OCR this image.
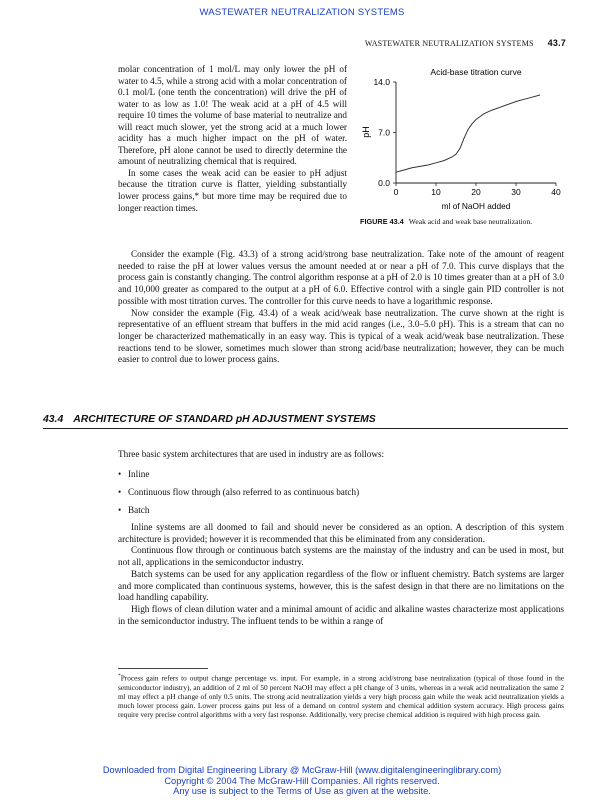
WASTEWATER NEUTRALIZATION SYSTEMS
WASTEWATER NEUTRALIZATION SYSTEMS 43.7

molar concentration of 1 mol/L may only lower the pH of water to 4.5, while a strong acid with a molar concentration of 0.1 mol/L (one tenth the concentration) will drive the pH of water to as low as 1.0! The weak acid at a pH of 4.5 will require 10 times the volume of base material to neutralize and will react much slower, yet the strong acid at a much lower acidity has a much higher impact on the pH of water. Therefore, pH alone cannot be used to directly determine the amount of neutralizing chemical that is required.

In some cases the weak acid can be easier to pH adjust because the titration curve is flatter, yielding substantially lower process gains,* but more time may be required due to longer reaction times.

Acid-base titration curve
0.0
7.0
14.0
0	10	20	30	40
pH
ml of NaOH added
FIGURE 43.4 Weak acid and weak base neutralization.

Consider the example (Fig. 43.3) of a strong acid/strong base neutralization. Take note of the amount of reagent needed to raise the pH at lower values versus the amount needed at or near a pH of 7.0. This curve displays that the process gain is constantly changing. The control algorithm response at a pH of 2.0 is 10 times greater than at a pH of 3.0 and 10,000 greater as compared to the output at a pH of 6.0. Effective control with a single gain PID controller is not possible with most titration curves. The controller for this curve needs to have a logarithmic response.

Now consider the example (Fig. 43.4) of a weak acid/weak base neutralization. The curve shown at the right is representative of an effluent stream that buffers in the mid acid ranges (i.e., 3.0–5.0 pH). This is a stream that can no longer be characterized mathematically in an easy way. This is typical of a weak acid/weak base neutralization. These reactions tend to be slower, sometimes much slower than strong acid/base neutralization; however, they can be much easier to control due to lower process gains.

43.4 ARCHITECTURE OF STANDARD pH ADJUSTMENT SYSTEMS
Three basic system architectures that are used in industry are as follows:
• Inline
• Continuous flow through (also referred to as continuous batch)
• Batch

Inline systems are all doomed to fail and should never be considered as an option. A description of this system architecture is provided; however it is recommended that this be eliminated from any consideration.

Continuous flow through or continuous batch systems are the mainstay of the industry and can be used in most, but not all, applications in the semiconductor industry.

Batch systems can be used for any application regardless of the flow or influent chemistry. Batch systems are larger and more complicated than continuous systems, however, this is the safest design in that there are no limitations on the load handling capability.

High flows of clean dilution water and a minimal amount of acidic and alkaline wastes characterize most applications in the semiconductor industry. The influent tends to be within a range of

*Process gain refers to output change percentage vs. input. For example, in a strong acid/strong base neutralization (typical of those found in the semiconductor industry), an addition of 2 ml of 50 percent NaOH may effect a pH change of 3 units, whereas in a weak acid neutralization the same 2 ml may effect a pH change of only 0.5 units. The strong acid neutralization yields a very high process gain while the weak acid neutralization yields a much lower process gain. Lower process gains put less of a demand on control system and chemical addition system accuracy. High process gains require very precise control algorithms with a very fast response. Additionally, very precise chemical addition is required with high process gain.
Downloaded from Digital Engineering Library @ McGraw-Hill (www.digitalengineeringlibrary.com)
Copyright © 2004 The McGraw-Hill Companies. All rights reserved.
Any use is subject to the Terms of Use as given at the website.
